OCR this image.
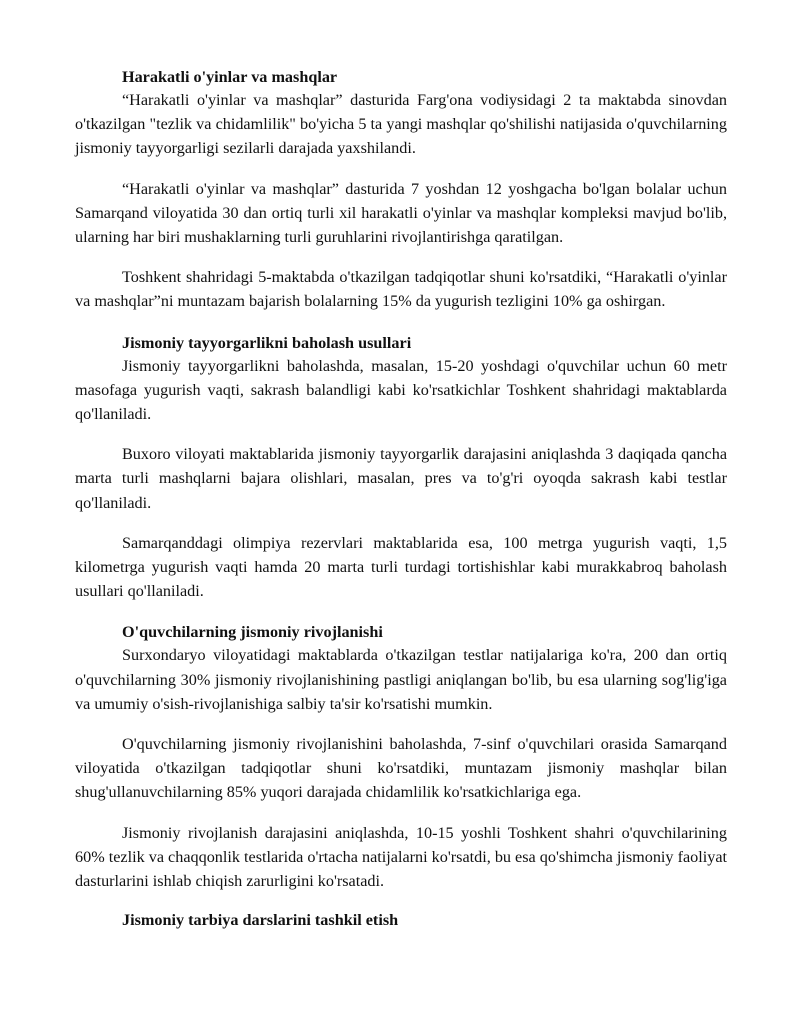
Harakatli o'yinlar va mashqlar

“Harakatli o'yinlar va mashqlar” dasturida Farg'ona vodiysidagi 2 ta maktabda sinovdan o'tkazilgan "tezlik va chidamlilik" bo'yicha 5 ta yangi mashqlar qo'shilishi natijasida o'quvchilarning jismoniy tayyorgarligi sezilarli darajada yaxshilandi.

“Harakatli o'yinlar va mashqlar” dasturida 7 yoshdan 12 yoshgacha bo'lgan bolalar uchun Samarqand viloyatida 30 dan ortiq turli xil harakatli o'yinlar va mashqlar kompleksi mavjud bo'lib, ularning har biri mushaklarning turli guruhlarini rivojlantirishga qaratilgan.

Toshkent shahridagi 5-maktabda o'tkazilgan tadqiqotlar shuni ko'rsatdiki, “Harakatli o'yinlar va mashqlar”ni muntazam bajarish bolalarning 15% da yugurish tezligini 10% ga oshirgan.

Jismoniy tayyorgarlikni baholash usullari

Jismoniy tayyorgarlikni baholashda, masalan, 15-20 yoshdagi o'quvchilar uchun 60 metr masofaga yugurish vaqti, sakrash balandligi kabi ko'rsatkichlar Toshkent shahridagi maktablarda qo'llaniladi.

Buxoro viloyati maktablarida jismoniy tayyorgarlik darajasini aniqlashda 3 daqiqada qancha marta turli mashqlarni bajara olishlari, masalan, pres va to'g'ri oyoqda sakrash kabi testlar qo'llaniladi.

Samarqanddagi olimpiya rezervlari maktablarida esa, 100 metrga yugurish vaqti, 1,5 kilometrga yugurish vaqti hamda 20 marta turli turdagi tortishishlar kabi murakkabroq baholash usullari qo'llaniladi.

O'quvchilarning jismoniy rivojlanishi

Surxondaryo viloyatidagi maktablarda o'tkazilgan testlar natijalariga ko'ra, 200 dan ortiq o'quvchilarning 30% jismoniy rivojlanishining pastligi aniqlangan bo'lib, bu esa ularning sog'lig'iga va umumiy o'sish-rivojlanishiga salbiy ta'sir ko'rsatishi mumkin.

O'quvchilarning jismoniy rivojlanishini baholashda, 7-sinf o'quvchilari orasida Samarqand viloyatida o'tkazilgan tadqiqotlar shuni ko'rsatdiki, muntazam jismoniy mashqlar bilan shug'ullanuvchilarning 85% yuqori darajada chidamlilik ko'rsatkichlariga ega.

Jismoniy rivojlanish darajasini aniqlashda, 10-15 yoshli Toshkent shahri o'quvchilarining 60% tezlik va chaqqonlik testlarida o'rtacha natijalarni ko'rsatdi, bu esa qo'shimcha jismoniy faoliyat dasturlarini ishlab chiqish zarurligini ko'rsatadi.

Jismoniy tarbiya darslarini tashkil etish
